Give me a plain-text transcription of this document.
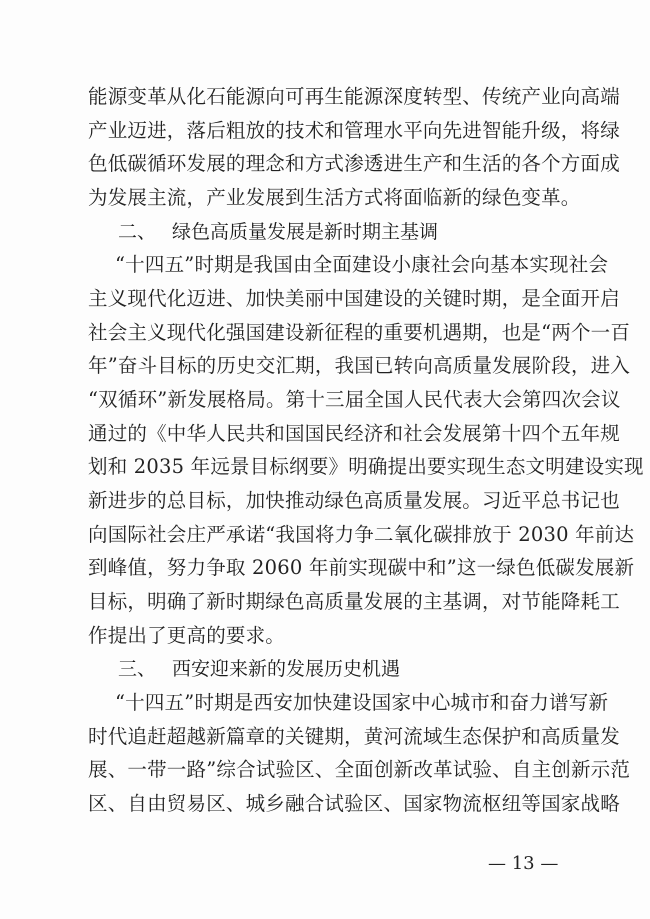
能源变革从化石能源向可再生能源深度转型、传统产业向高端
产业迈进，落后粗放的技术和管理水平向先进智能升级，将绿
色低碳循环发展的理念和方式渗透进生产和生活的各个方面成
为发展主流，产业发展到生活方式将面临新的绿色变革。
二、 绿色高质量发展是新时期主基调
“十四五”时期是我国由全面建设小康社会向基本实现社会
主义现代化迈进、加快美丽中国建设的关键时期，是全面开启
社会主义现代化强国建设新征程的重要机遇期，也是“两个一百
年”奋斗目标的历史交汇期，我国已转向高质量发展阶段，进入
“双循环”新发展格局。第十三届全国人民代表大会第四次会议
通过的《中华人民共和国国民经济和社会发展第十四个五年规
划和 2035 年远景目标纲要》明确提出要实现生态文明建设实现
新进步的总目标，加快推动绿色高质量发展。习近平总书记也
向国际社会庄严承诺“我国将力争二氧化碳排放于 2030 年前达
到峰值，努力争取 2060 年前实现碳中和”这一绿色低碳发展新
目标，明确了新时期绿色高质量发展的主基调，对节能降耗工
作提出了更高的要求。
三、 西安迎来新的发展历史机遇
“十四五”时期是西安加快建设国家中心城市和奋力谱写新
时代追赶超越新篇章的关键期，黄河流域生态保护和高质量发
展、一带一路”综合试验区、全面创新改革试验、自主创新示范
区、自由贸易区、城乡融合试验区、国家物流枢纽等国家战略
— 13 —
